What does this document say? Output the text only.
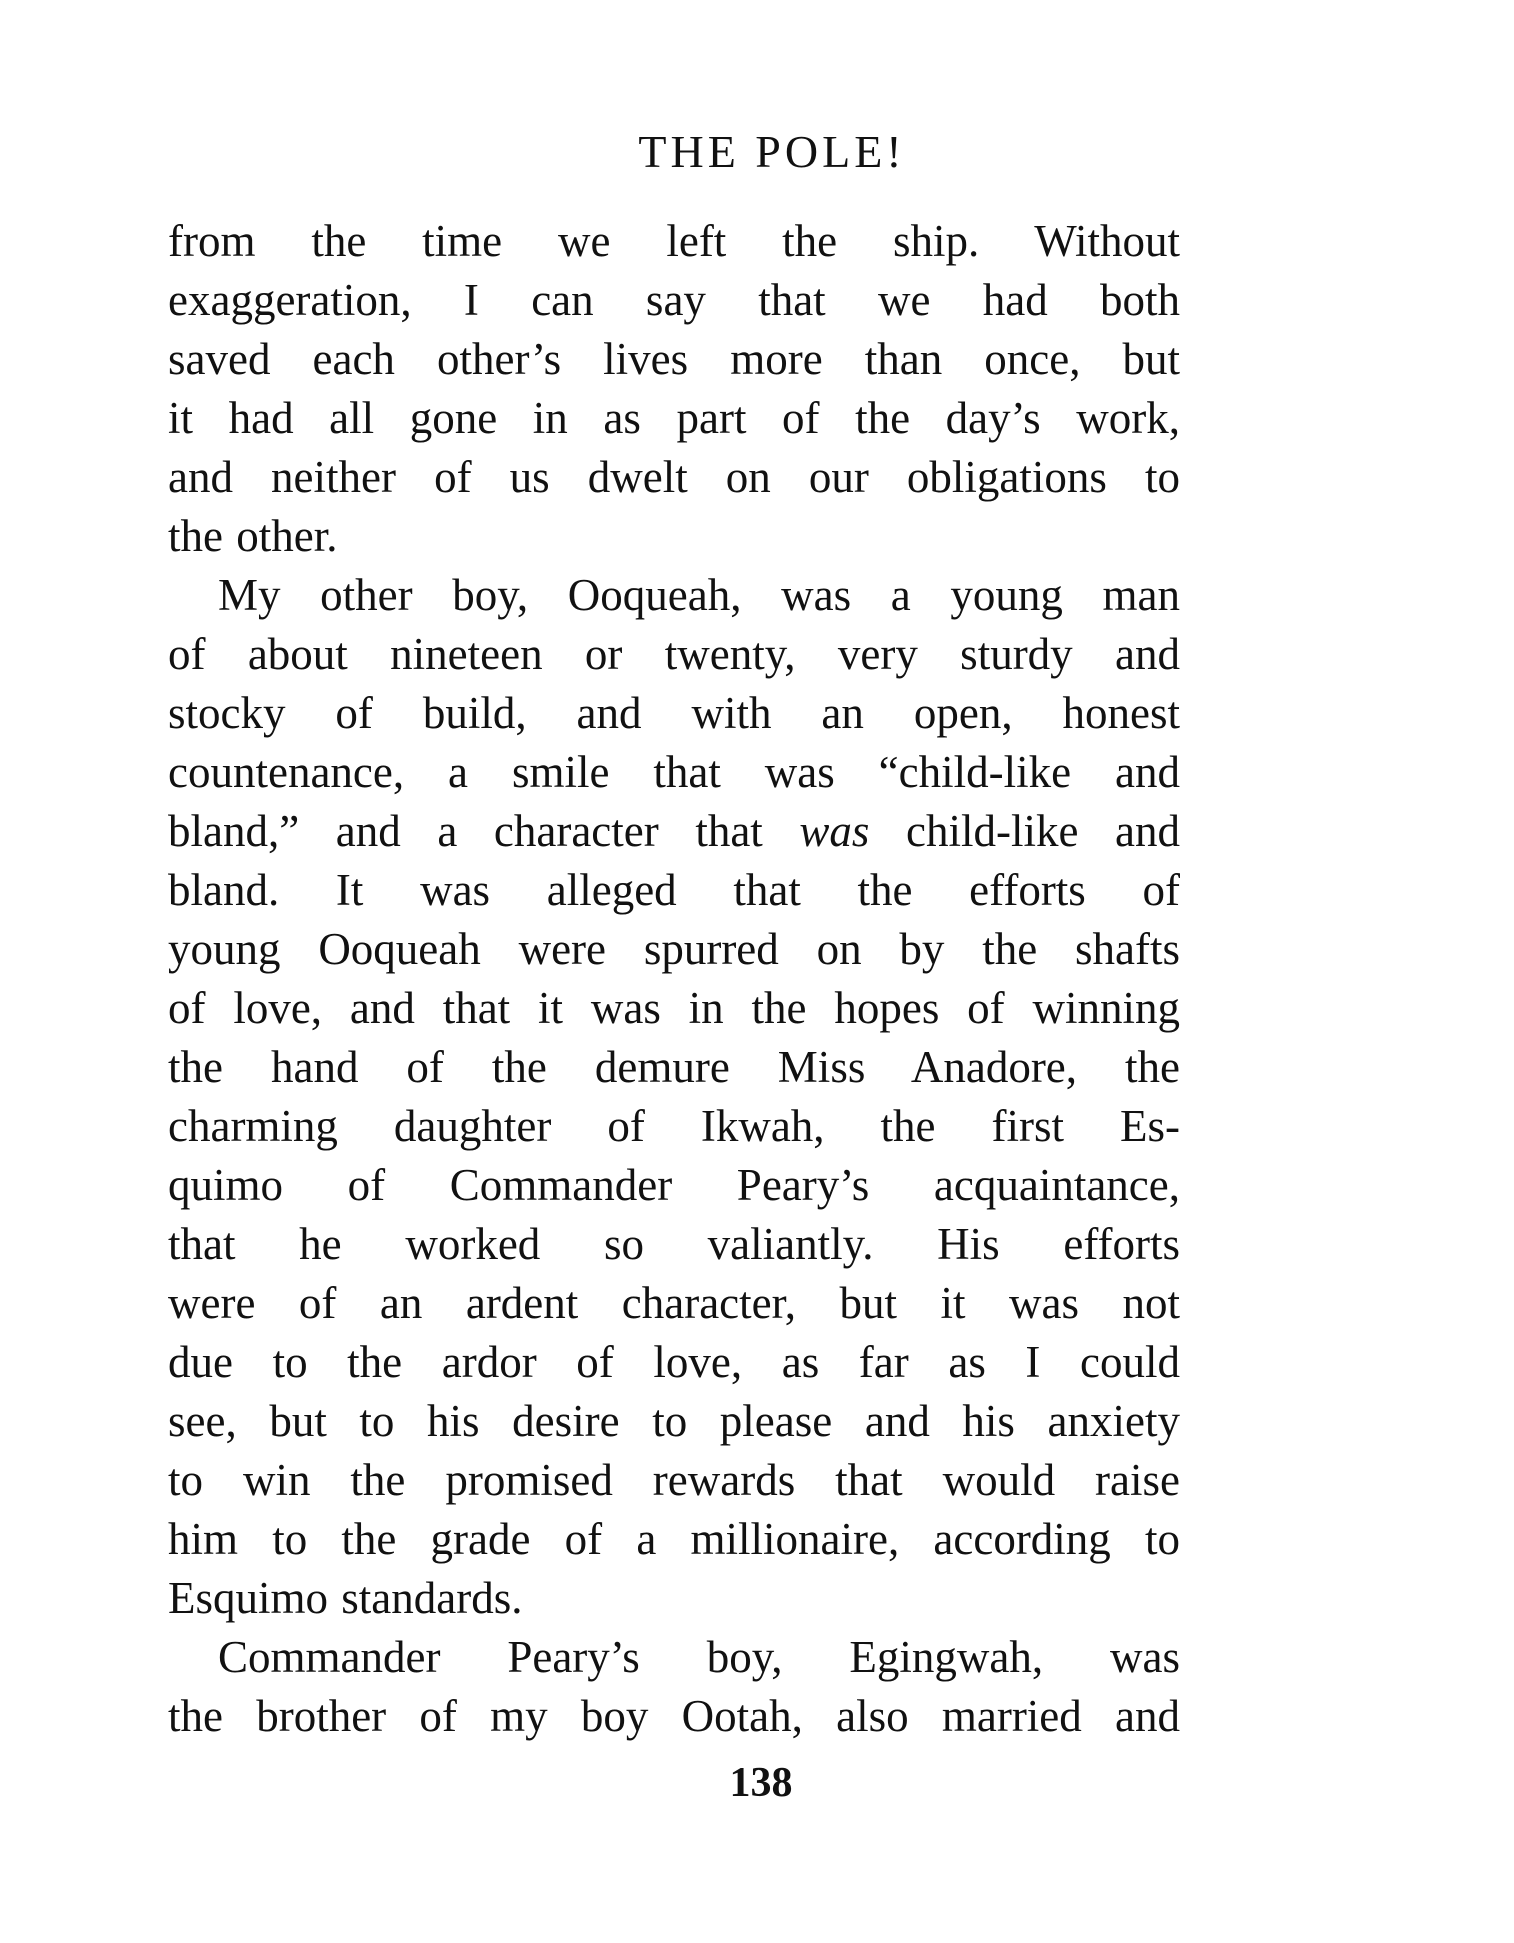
THE POLE!
from the time we left the ship. Without
exaggeration, I can say that we had both
saved each other’s lives more than once, but
it had all gone in as part of the day’s work,
and neither of us dwelt on our obligations to
the other.
My other boy, Ooqueah, was a young man
of about nineteen or twenty, very sturdy and
stocky of build, and with an open, honest
countenance, a smile that was “child-like and
bland,” and a character that was child-like and
bland. It was alleged that the efforts of
young Ooqueah were spurred on by the shafts
of love, and that it was in the hopes of winning
the hand of the demure Miss Anadore, the
charming daughter of Ikwah, the first Es-
quimo of Commander Peary’s acquaintance,
that he worked so valiantly. His efforts
were of an ardent character, but it was not
due to the ardor of love, as far as I could
see, but to his desire to please and his anxiety
to win the promised rewards that would raise
him to the grade of a millionaire, according to
Esquimo standards.
Commander Peary’s boy, Egingwah, was
the brother of my boy Ootah, also married and
138
